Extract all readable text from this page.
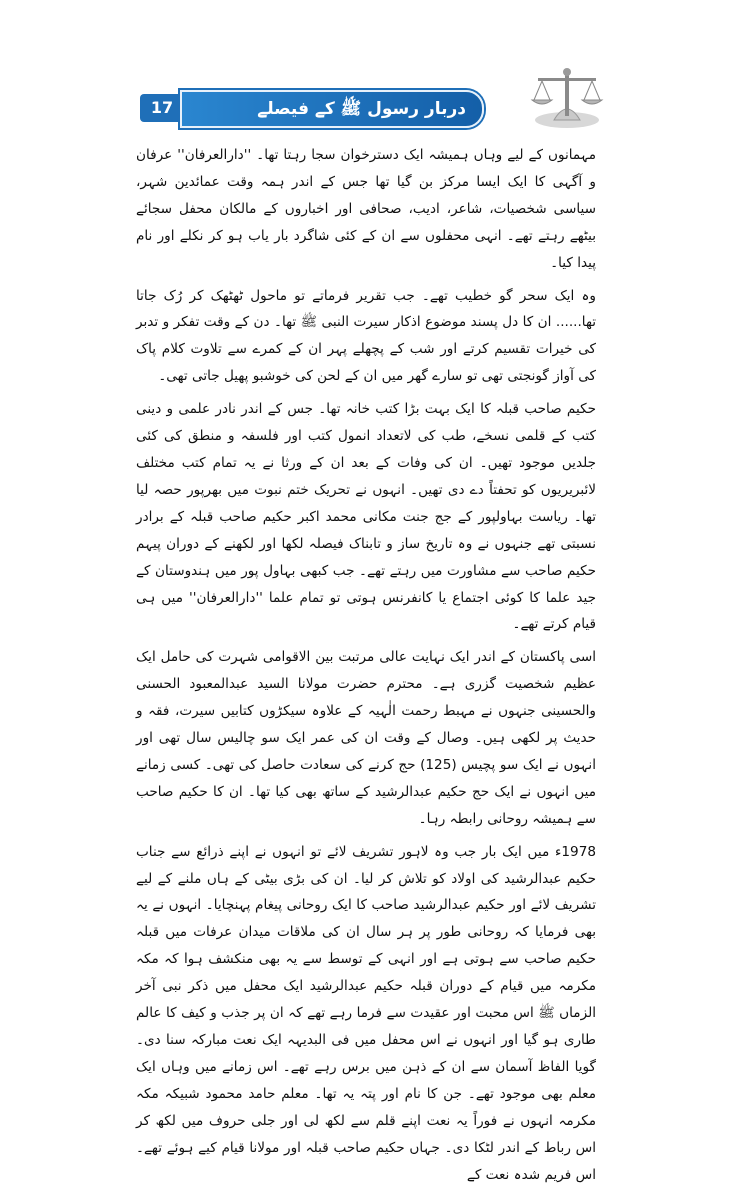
17	دربار رسول ﷺ کے فیصلے

مہمانوں کے لیے وہاں ہمیشہ ایک دسترخوان سجا رہتا تھا۔ ''دارالعرفان'' عرفان و آگہی کا ایک ایسا مرکز بن گیا تھا جس کے اندر ہمہ وقت عمائدین شہر، سیاسی شخصیات، شاعر، ادیب، صحافی اور اخباروں کے مالکان محفل سجائے بیٹھے رہتے تھے۔ انہی محفلوں سے ان کے کئی شاگرد بار یاب ہو کر نکلے اور نام پیدا کیا۔

وہ ایک سحر گو خطیب تھے۔ جب تقریر فرماتے تو ماحول ٹھٹھک کر رُک جاتا تھا...... ان کا دل پسند موضوع اذکار سیرت النبی ﷺ تھا۔ دن کے وقت تفکر و تدبر کی خیرات تقسیم کرتے اور شب کے پچھلے پہر ان کے کمرے سے تلاوت کلام پاک کی آواز گونجتی تھی تو سارے گھر میں ان کے لحن کی خوشبو پھیل جاتی تھی۔

حکیم صاحب قبلہ کا ایک بہت بڑا کتب خانہ تھا۔ جس کے اندر نادر علمی و دینی کتب کے قلمی نسخے، طب کی لاتعداد انمول کتب اور فلسفہ و منطق کی کئی جلدیں موجود تھیں۔ ان کی وفات کے بعد ان کے ورثا نے یہ تمام کتب مختلف لائبریریوں کو تحفتاً دے دی تھیں۔ انہوں نے تحریک ختم نبوت میں بھرپور حصہ لیا تھا۔ ریاست بہاولپور کے جج جنت مکانی محمد اکبر حکیم صاحب قبلہ کے برادر نسبتی تھے جنہوں نے وہ تاریخ ساز و تابناک فیصلہ لکھا اور لکھنے کے دوران پیہم حکیم صاحب سے مشاورت میں رہتے تھے۔ جب کبھی بہاول پور میں ہندوستان کے جید علما کا کوئی اجتماع یا کانفرنس ہوتی تو تمام علما ''دارالعرفان'' میں ہی قیام کرتے تھے۔

اسی پاکستان کے اندر ایک نہایت عالی مرتبت بین الاقوامی شہرت کی حامل ایک عظیم شخصیت گزری ہے۔ محترم حضرت مولانا السید عبدالمعبود الحسنی والحسینی جنہوں نے مہبط رحمت الٰہیہ کے علاوہ سیکڑوں کتابیں سیرت، فقہ و حدیث پر لکھی ہیں۔ وصال کے وقت ان کی عمر ایک سو چالیس سال تھی اور انہوں نے ایک سو پچیس (125) حج کرنے کی سعادت حاصل کی تھی۔ کسی زمانے میں انہوں نے ایک حج حکیم عبدالرشید کے ساتھ بھی کیا تھا۔ ان کا حکیم صاحب سے ہمیشہ روحانی رابطہ رہا۔

1978ء میں ایک بار جب وہ لاہور تشریف لائے تو انہوں نے اپنے ذرائع سے جناب حکیم عبدالرشید کی اولاد کو تلاش کر لیا۔ ان کی بڑی بیٹی کے ہاں ملنے کے لیے تشریف لائے اور حکیم عبدالرشید صاحب کا ایک روحانی پیغام پہنچایا۔ انہوں نے یہ بھی فرمایا کہ روحانی طور پر ہر سال ان کی ملاقات میدان عرفات میں قبلہ حکیم صاحب سے ہوتی ہے اور انہی کے توسط سے یہ بھی منکشف ہوا کہ مکہ مکرمہ میں قیام کے دوران قبلہ حکیم عبدالرشید ایک محفل میں ذکر نبی آخر الزماں ﷺ اس محبت اور عقیدت سے فرما رہے تھے کہ ان پر جذب و کیف کا عالم طاری ہو گیا اور انہوں نے اس محفل میں فی البدیہہ ایک نعت مبارکہ سنا دی۔ گویا الفاظ آسمان سے ان کے ذہن میں برس رہے تھے۔ اس زمانے میں وہاں ایک معلم بھی موجود تھے۔ جن کا نام اور پتہ یہ تھا۔ معلم حامد محمود شبیکہ مکہ مکرمہ انہوں نے فوراً یہ نعت اپنے قلم سے لکھ لی اور جلی حروف میں لکھ کر اس رباط کے اندر لٹکا دی۔ جہاں حکیم صاحب قبلہ اور مولانا قیام کیے ہوئے تھے۔ اس فریم شدہ نعت کے
